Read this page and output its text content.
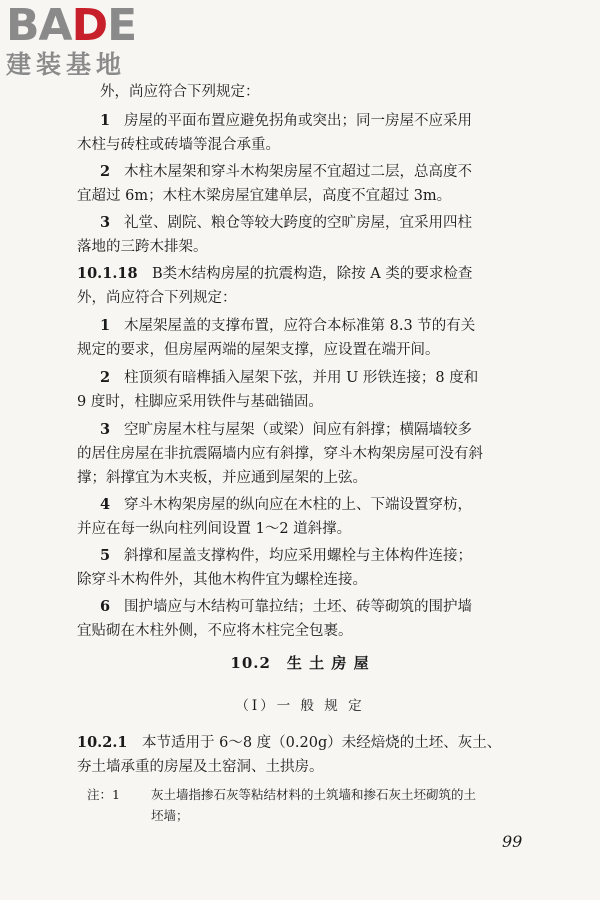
BADE
建装基地
外，尚应符合下列规定：
1 房屋的平面布置应避免拐角或突出；同一房屋不应采用
木柱与砖柱或砖墙等混合承重。
2 木柱木屋架和穿斗木构架房屋不宜超过二层，总高度不
宜超过 6m；木柱木梁房屋宜建单层，高度不宜超过 3m。
3 礼堂、剧院、粮仓等较大跨度的空旷房屋，宜采用四柱
落地的三跨木排架。
10.1.18 B类木结构房屋的抗震构造，除按 A 类的要求检查
外，尚应符合下列规定：
1 木屋架屋盖的支撑布置，应符合本标准第 8.3 节的有关
规定的要求，但房屋两端的屋架支撑，应设置在端开间。
2 柱顶须有暗榫插入屋架下弦，并用 U 形铁连接；8 度和
9 度时，柱脚应采用铁件与基础锚固。
3 空旷房屋木柱与屋架（或梁）间应有斜撑；横隔墙较多
的居住房屋在非抗震隔墙内应有斜撑，穿斗木构架房屋可没有斜
撑；斜撑宜为木夹板，并应通到屋架的上弦。
4 穿斗木构架房屋的纵向应在木柱的上、下端设置穿枋，
并应在每一纵向柱列间设置 1～2 道斜撑。
5 斜撑和屋盖支撑构件，均应采用螺栓与主体构件连接；
除穿斗木构件外，其他木构件宜为螺栓连接。
6 围护墙应与木结构可靠拉结；土坯、砖等砌筑的围护墙
宜贴砌在木柱外侧，不应将木柱完全包裹。
10.2　生 土 房 屋
（Ⅰ）一 般 规 定
10.2.1 本节适用于 6～8 度（0.20g）未经焙烧的土坯、灰土、
夯土墙承重的房屋及土窑洞、土拱房。
注：1 灰土墙指掺石灰等粘结材料的土筑墙和掺石灰土坯砌筑的土
坯墙；
99
